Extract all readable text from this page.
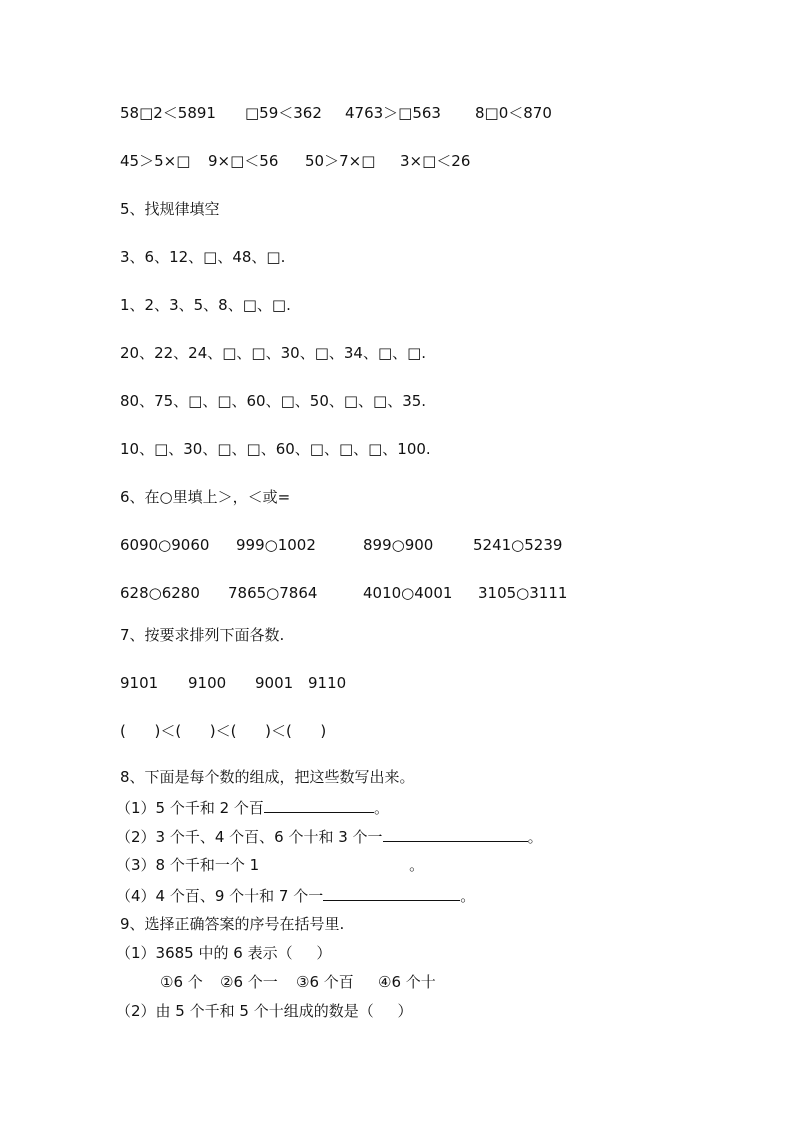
58□2＜5891

□59＜362

4763＞□563

8□0＜870

45＞5×□

9×□＜56

50＞7×□

3×□＜26

5、找规律填空
3、6、12、□、48、□.
1、2、3、5、8、□、□.
20、22、24、□、□、30、□、34、□、□.
80、75、□、□、60、□、50、□、□、35.
10、□、30、□、□、60、□、□、□、100.
6、在○里填上＞，＜或=

6090○9060

999○1002

	899○900

	5241○5239

628○6280

7865○7864

	4010○4001

3105○3111

7、按要求排列下面各数.

9101

9100

9001

9110

(      )＜(      )＜(      )＜(      )
8、下面是每个数的组成，把这些数写出来。
（1）5 个千和 2 个百	。
（2）3 个千、4 个百、6 个十和 3 个一	。
（3）8 个千和一个 1	。
（4）4 个百、9 个十和 7 个一	。
9、选择正确答案的序号在括号里.
（1）3685 中的 6 表示（     ）

①6 个

②6 个一

③6 个百

④6 个十

（2）由 5 个千和 5 个十组成的数是（     ）
